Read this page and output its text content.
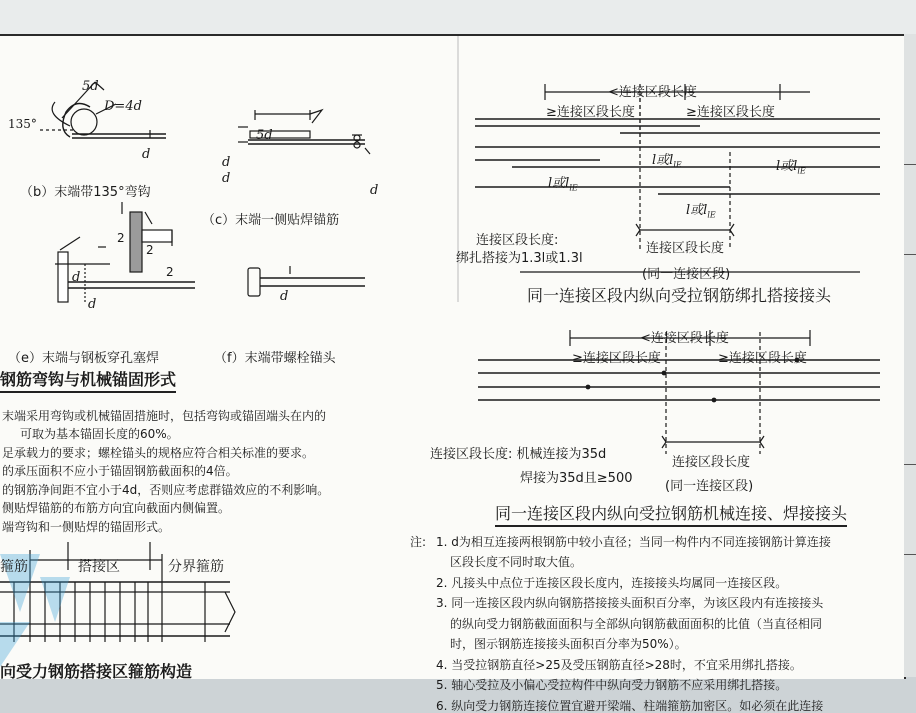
135°
5d
D=4d
d
（b）末端带135°弯钩
5d
d
d
d
（c）末端一侧贴焊锚筋
d
d
2
2
2
（e）末端与钢板穿孔塞焊
d
（f）末端带螺栓锚头
钢筋弯钩与机械锚固形式
末端采用弯钩或机械锚固措施时，包括弯钩或锚固端头在内的
可取为基本锚固长度的60%。
足承载力的要求；螺栓锚头的规格应符合相关标准的要求。
的承压面积不应小于锚固钢筋截面积的4倍。
的钢筋净间距不宜小于4d，否则应考虑群锚效应的不利影响。
侧贴焊锚筋的布筋方向宜向截面内侧偏置。
端弯钩和一侧贴焊的锚固形式。
箍筋	搭接区	分界箍筋
向受力钢筋搭接区箍筋构造
<连接区段长度
≥连接区段长度	≥连接区段长度
l或$l_{lE}$
l或$l_{lE}$
l或$l_{lE}$
l或$l_{lE}$
连接区段长度:
绑扎搭接为1.3l或1.3l
连接区段长度
(同一连接区段)
同一连接区段内纵向受拉钢筋绑扎搭接接头
<连接区段长度
≥连接区段长度	≥连接区段长度
连接区段长度: 机械连接为35d
焊接为35d且≥500
连接区段长度
(同一连接区段)
同一连接区段内纵向受拉钢筋机械连接、焊接接头
注: 1. d为相互连接两根钢筋中较小直径；当同一构件内不同连接钢筋计算连接
区段长度不同时取大值。
2. 凡接头中点位于连接区段长度内，连接接头均属同一连接区段。
3. 同一连接区段内纵向钢筋搭接接头面积百分率，为该区段内有连接接头
的纵向受力钢筋截面面积与全部纵向钢筋截面面积的比值（当直径相同
时，图示钢筋连接接头面积百分率为50%）。
4. 当受拉钢筋直径>25及受压钢筋直径>28时，不宜采用绑扎搭接。
5. 轴心受拉及小偏心受拉构件中纵向受力钢筋不应采用绑扎搭接。
6. 纵向受力钢筋连接位置宜避开梁端、柱端箍筋加密区。如必须在此连接
